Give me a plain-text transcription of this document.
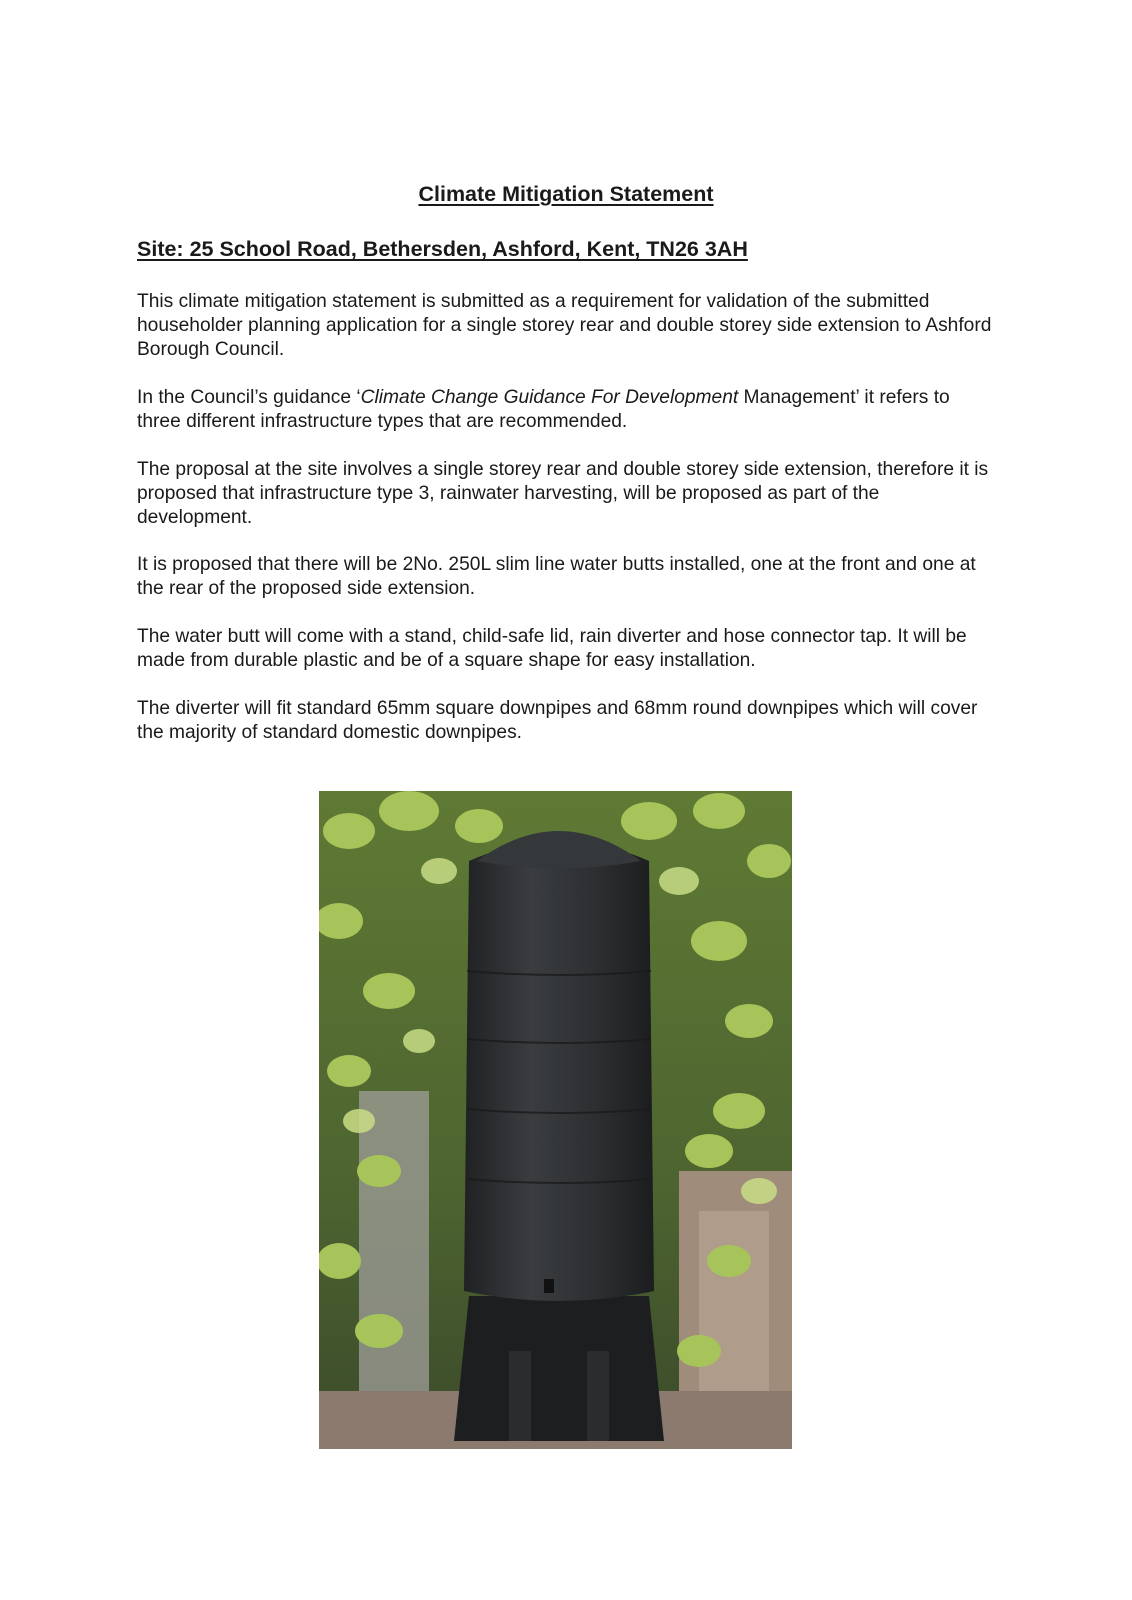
Climate Mitigation Statement
Site: 25 School Road, Bethersden, Ashford, Kent, TN26 3AH

This climate mitigation statement is submitted as a requirement for validation of the submitted householder planning application for a single storey rear and double storey side extension to Ashford Borough Council.

In the Council’s guidance ‘Climate Change Guidance For Development Management’ it refers to three different infrastructure types that are recommended.

The proposal at the site involves a single storey rear and double storey side extension, therefore it is proposed that infrastructure type 3, rainwater harvesting, will be proposed as part of the development.

It is proposed that there will be 2No. 250L slim line water butts installed, one at the front and one at the rear of the proposed side extension.

The water butt will come with a stand, child-safe lid, rain diverter and hose connector tap. It will be made from durable plastic and be of a square shape for easy installation.

The diverter will fit standard 65mm square downpipes and 68mm round downpipes which will cover the majority of standard domestic downpipes.
